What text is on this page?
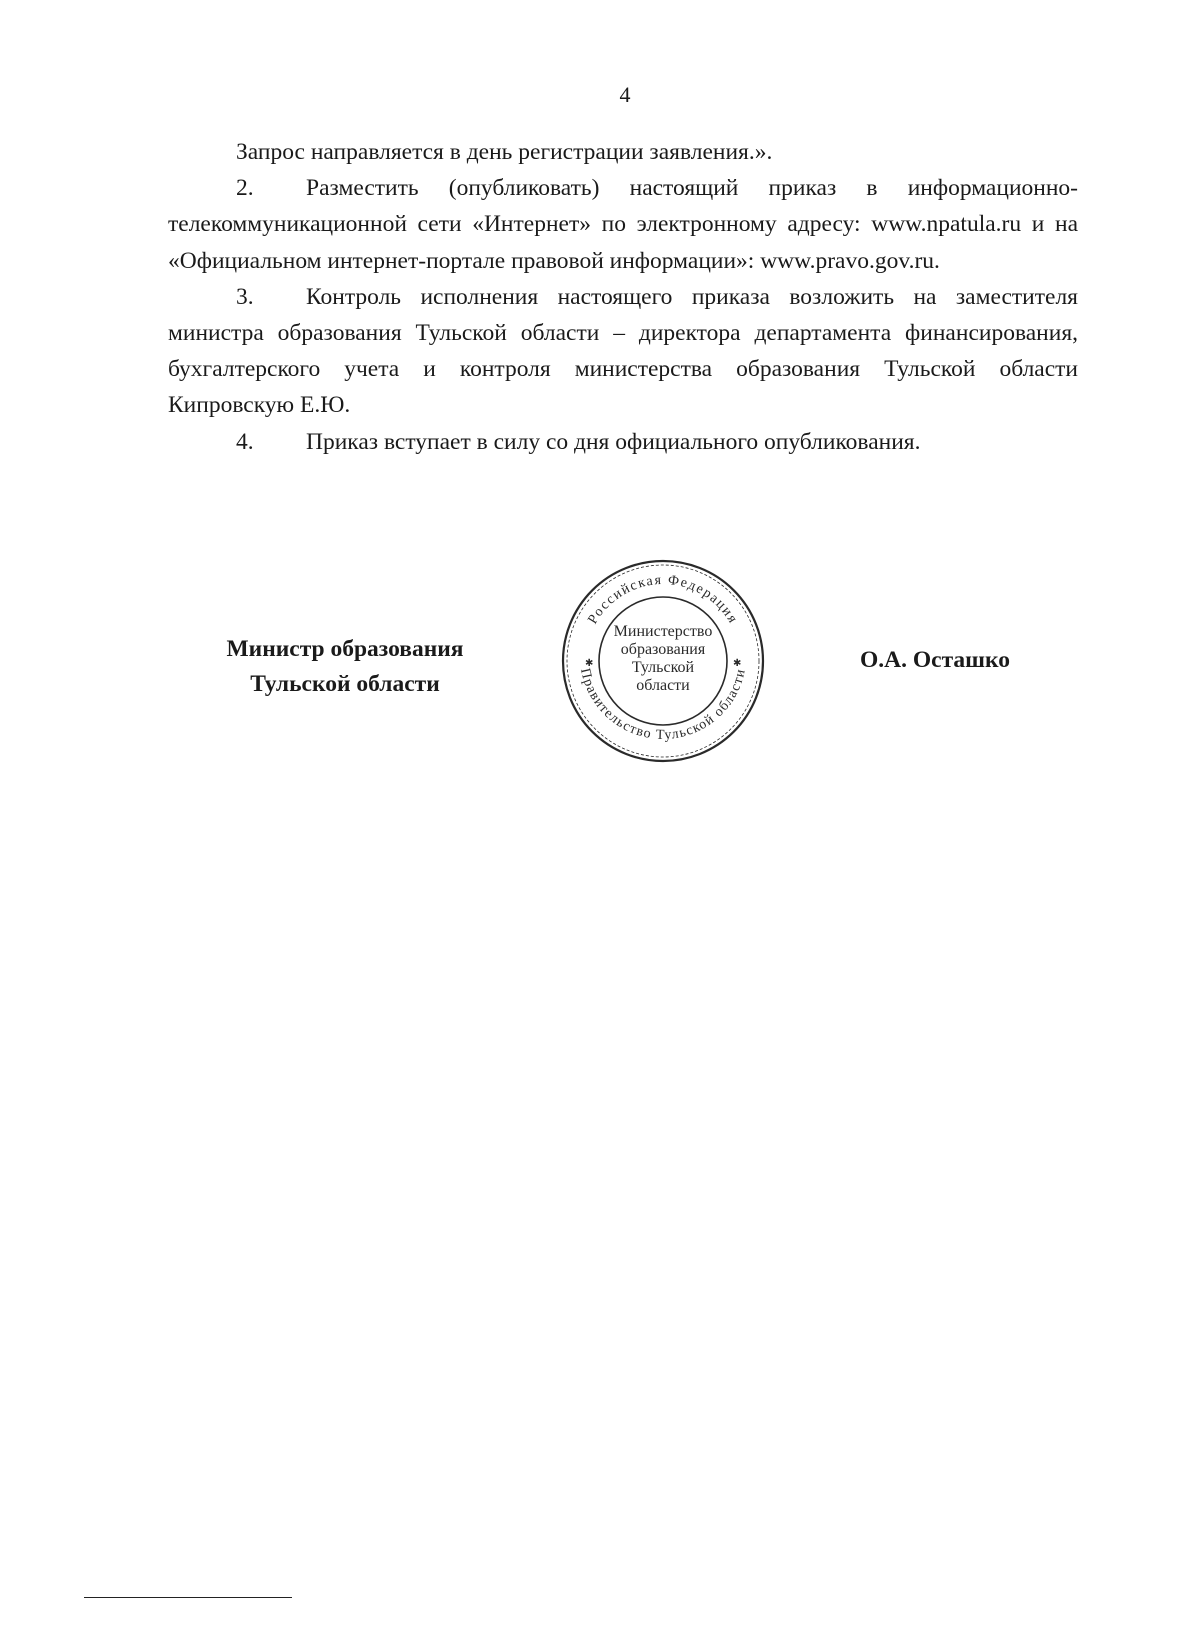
4

Запрос направляется в день регистрации заявления.».

2. Разместить (опубликовать) настоящий приказ в информационно-телекоммуникационной сети «Интернет» по электронному адресу: www.npatula.ru и на «Официальном интернет-портале правовой информации»: www.pravo.gov.ru.

3. Контроль исполнения настоящего приказа возложить на заместителя министра образования Тульской области – директора департамента финансирования, бухгалтерского учета и контроля министерства образования Тульской области Кипровскую Е.Ю.

4. Приказ вступает в силу со дня официального опубликования.

Министр образования
Тульской области
Российская Федерация
Правительство Тульской области
✱	✱
Министерство
образования
Тульской
области
О.А. Осташко
